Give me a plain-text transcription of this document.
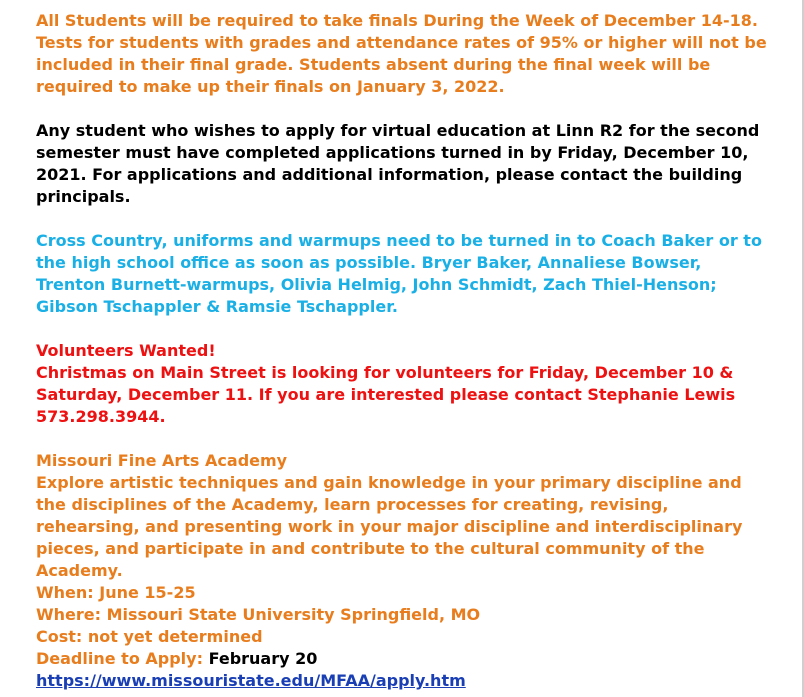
All Students will be required to take finals During the Week of December 14-18. Tests for students with grades and attendance rates of 95% or higher will not be included in their final grade. Students absent during the final week will be required to make up their finals on January 3, 2022.

Any student who wishes to apply for virtual education at Linn R2 for the second semester must have completed applications turned in by Friday, December 10, 2021. For applications and additional information, please contact the building principals.

Cross Country, uniforms and warmups need to be turned in to Coach Baker or to the high school office as soon as possible. Bryer Baker, Annaliese Bowser, Trenton Burnett-warmups, Olivia Helmig, John Schmidt, Zach Thiel-Henson; Gibson Tschappler & Ramsie Tschappler.

Volunteers Wanted!
Christmas on Main Street is looking for volunteers for Friday, December 10 & Saturday, December 11. If you are interested please contact Stephanie Lewis 573.298.3944.

Missouri Fine Arts Academy
Explore artistic techniques and gain knowledge in your primary discipline and the disciplines of the Academy, learn processes for creating, revising, rehearsing, and presenting work in your major discipline and interdisciplinary pieces, and participate in and contribute to the cultural community of the Academy.
When: June 15-25
Where: Missouri State University Springfield, MO
Cost: not yet determined
Deadline to Apply: February 20
https://www.missouristate.edu/MFAA/apply.htm
